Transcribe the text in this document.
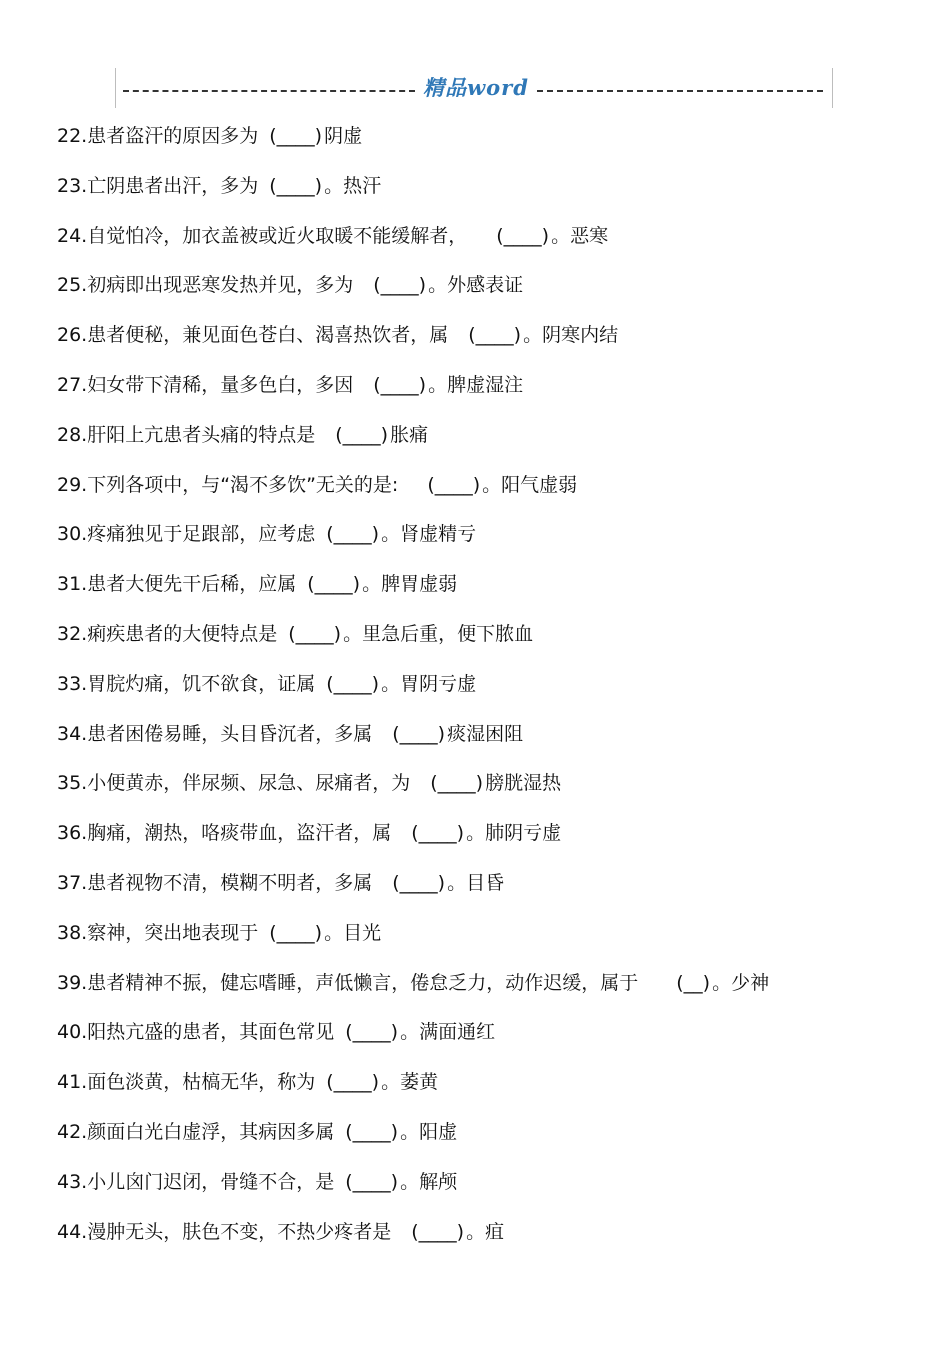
精品word
22.患者盗汗的原因多为 (____) 阴虚
23.亡阴患者出汗，多为 (____) 。热汗
24.自觉怕冷，加衣盖被或近火取暖不能缓解者， (____) 。恶寒
25.初病即出现恶寒发热并见，多为 (____) 。外感表证
26.患者便秘，兼见面色苍白、渴喜热饮者，属 (____) 。阴寒内结
27.妇女带下清稀，量多色白，多因 (____) 。脾虚湿注
28.肝阳上亢患者头痛的特点是 (____) 胀痛
29.下列各项中，与“渴不多饮”无关的是: (____) 。阳气虚弱
30.疼痛独见于足跟部，应考虑 (____) 。肾虚精亏
31.患者大便先干后稀，应属 (____) 。脾胃虚弱
32.痢疾患者的大便特点是 (____) 。里急后重，便下脓血
33.胃脘灼痛，饥不欲食，证属 (____) 。胃阴亏虚
34.患者困倦易睡，头目昏沉者，多属 (____) 痰湿困阻
35.小便黄赤，伴尿频、尿急、尿痛者，为 (____) 膀胱湿热
36.胸痛，潮热，咯痰带血，盗汗者，属 (____) 。肺阴亏虚
37.患者视物不清，模糊不明者，多属 (____) 。目昏
38.察神，突出地表现于 (____) 。目光
39.患者精神不振，健忘嗜睡，声低懒言，倦怠乏力，动作迟缓，属于 (__) 。少神
40.阳热亢盛的患者，其面色常见 (____) 。满面通红
41.面色淡黄，枯槁无华，称为 (____) 。萎黄
42.颜面白光白虚浮，其病因多属 (____) 。阳虚
43.小儿囟门迟闭，骨缝不合，是 (____) 。解颅
44.漫肿无头，肤色不变，不热少疼者是 (____) 。疽
